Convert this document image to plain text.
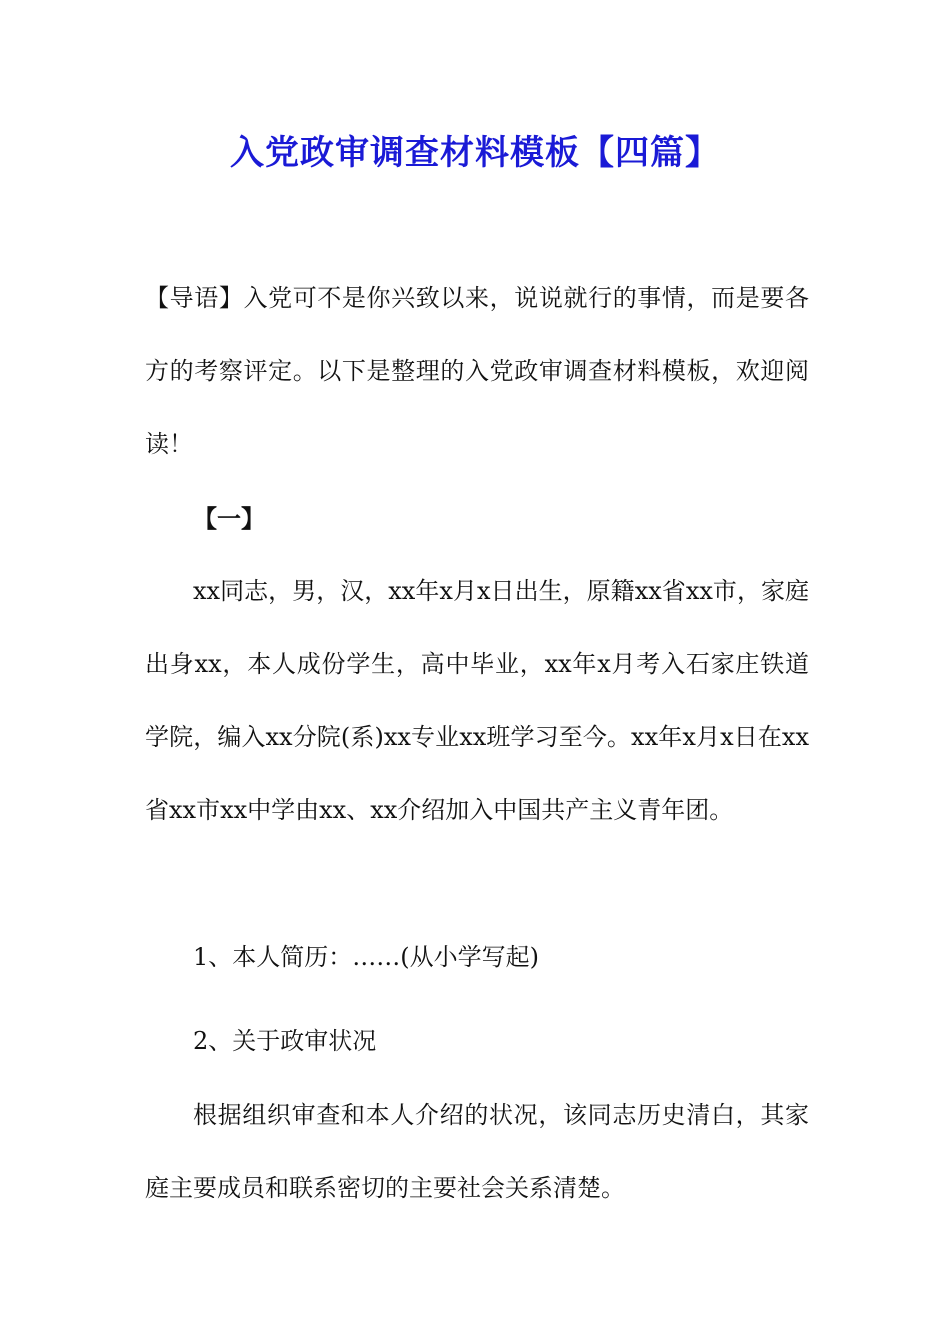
入党政审调查材料模板【四篇】

【导语】入党可不是你兴致以来，说说就行的事情，而是要各方的考察评定。以下是整理的入党政审调查材料模板，欢迎阅读！

【一】

xx同志，男，汉，xx年x月x日出生，原籍xx省xx市，家庭出身xx，本人成份学生，高中毕业，xx年x月考入石家庄铁道学院，编入xx分院(系)xx专业xx班学习至今。xx年x月x日在xx省xx市xx中学由xx、xx介绍加入中国共产主义青年团。

1、本人简历：……(从小学写起)

2、关于政审状况

根据组织审查和本人介绍的状况，该同志历史清白，其家庭主要成员和联系密切的主要社会关系清楚。
